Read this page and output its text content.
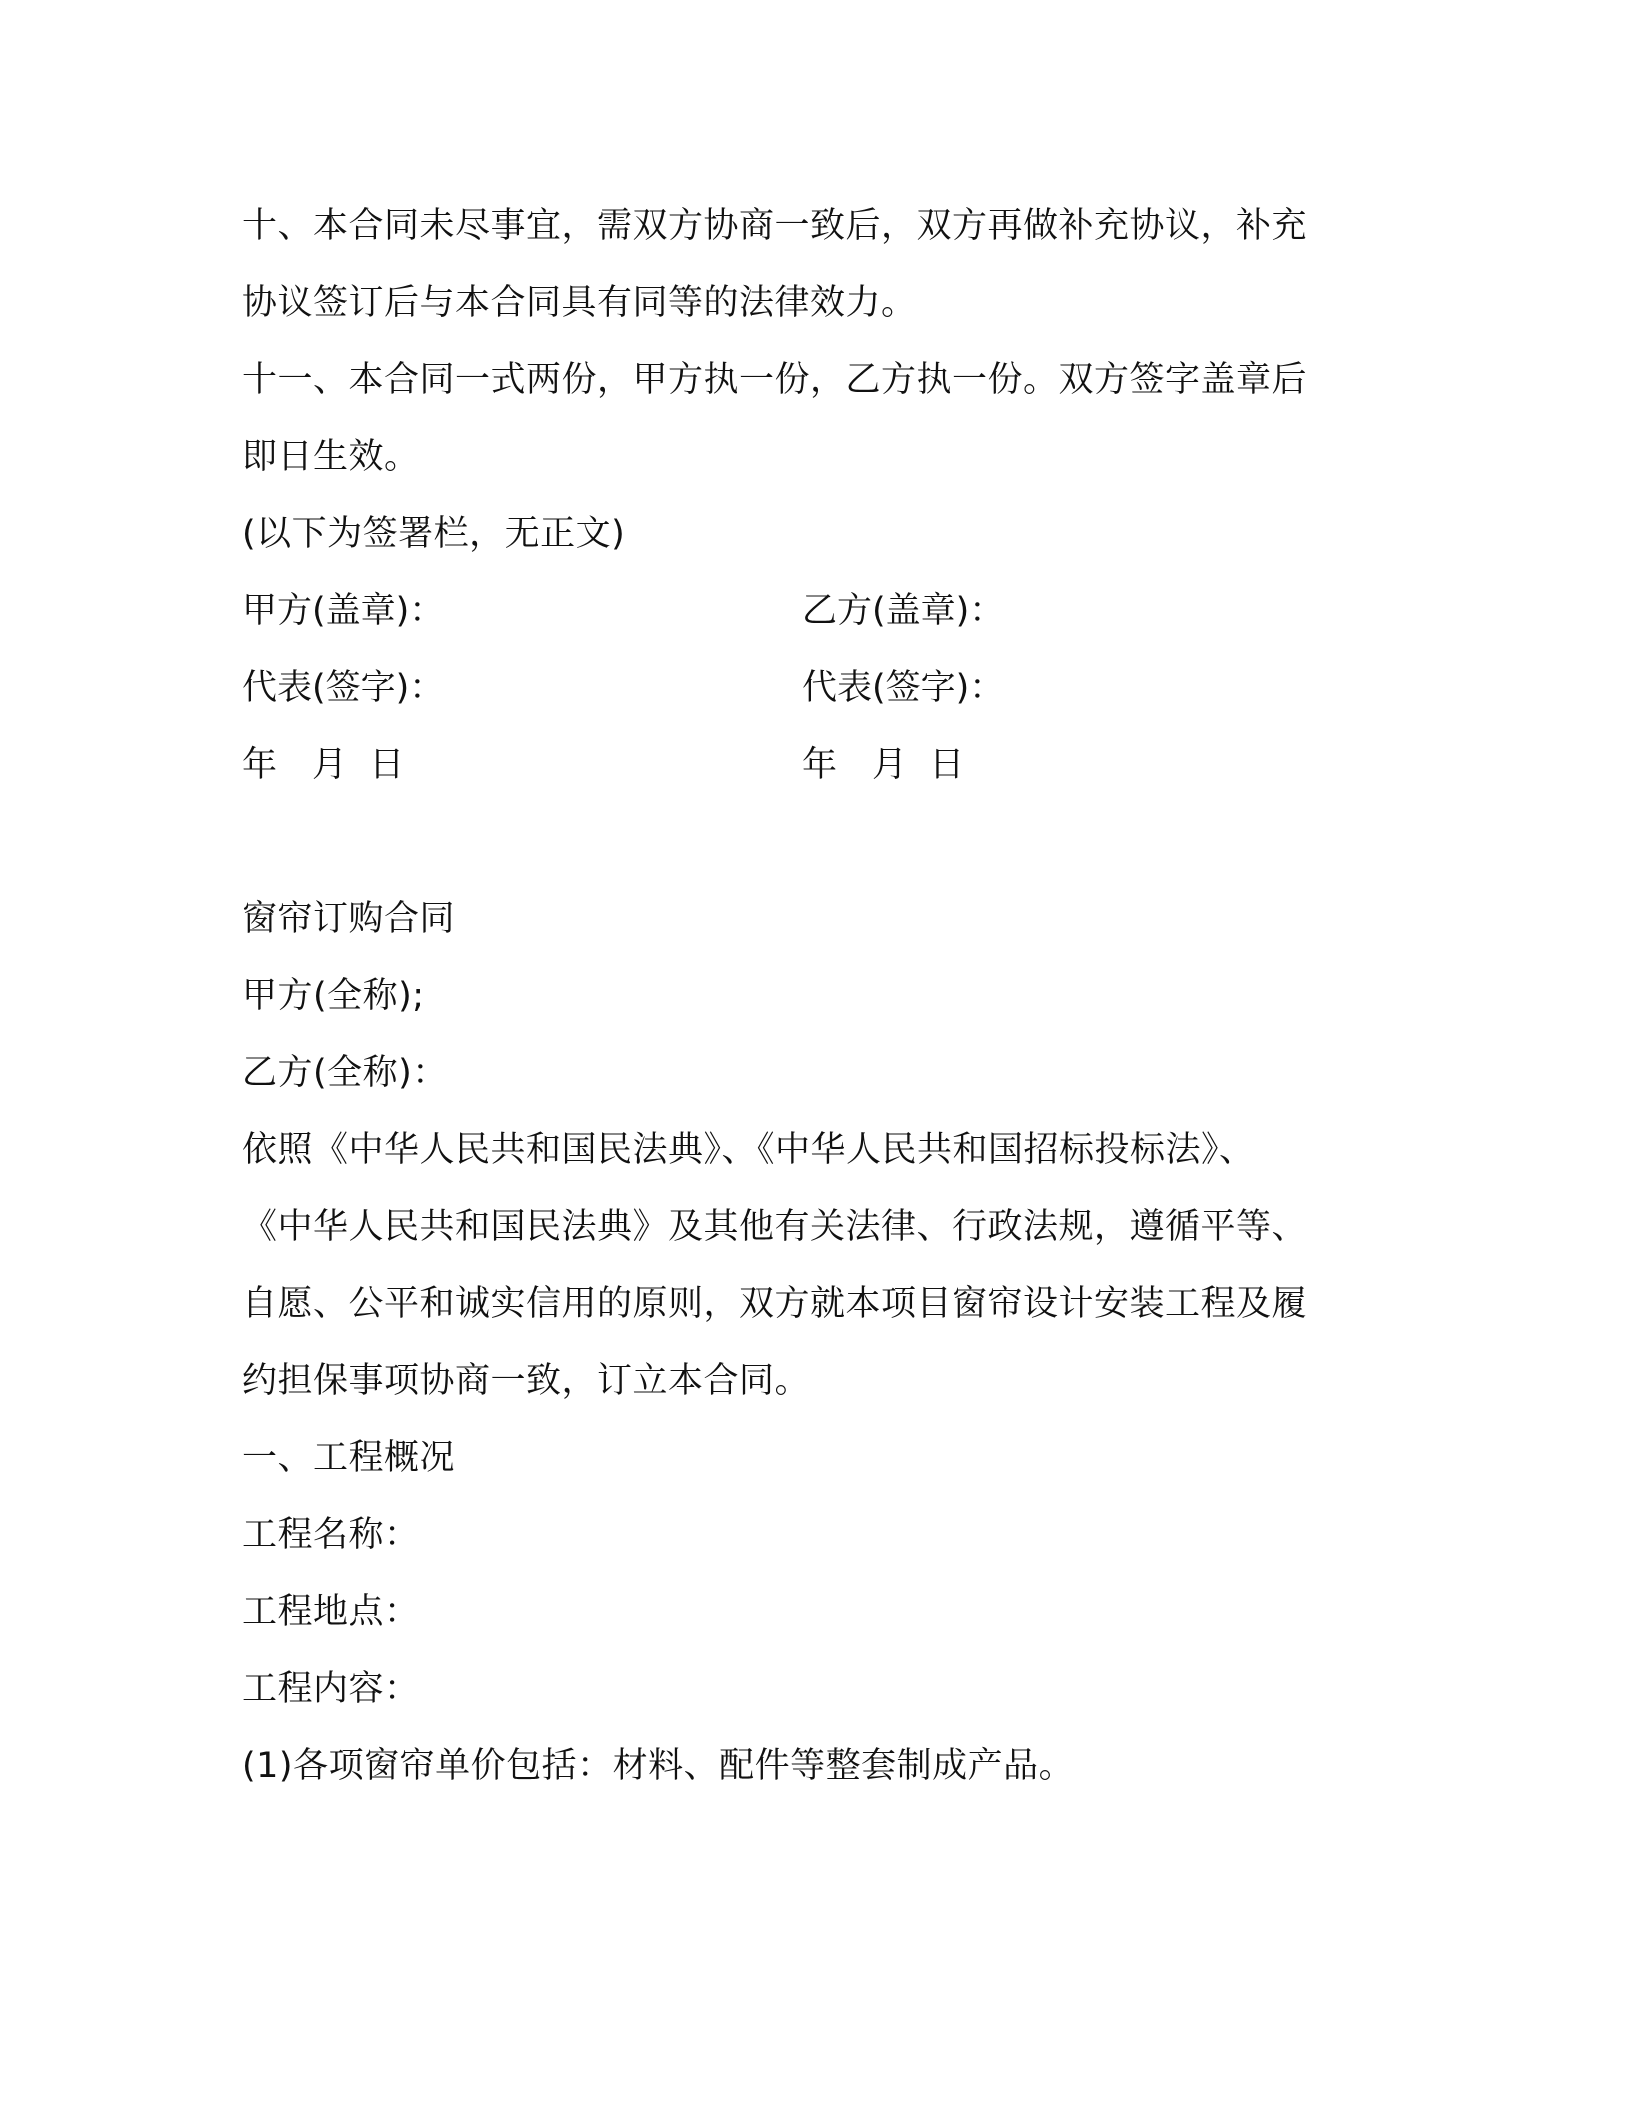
十、本合同未尽事宜，需双方协商一致后，双方再做补充协议，补充
协议签订后与本合同具有同等的法律效力。
十一、本合同一式两份，甲方执一份，乙方执一份。双方签字盖章后
即日生效。
(以下为签署栏，无正文)
甲方(盖章)：	乙方(盖章)：
代表(签字)：	代表(签字)：
年　月  日	年　月  日
窗帘订购合同
甲方(全称);
乙方(全称)：
依照《中华人民共和国民法典》、《中华人民共和国招标投标法》、
《中华人民共和国民法典》及其他有关法律、行政法规，遵循平等、
自愿、公平和诚实信用的原则，双方就本项目窗帘设计安装工程及履
约担保事项协商一致，订立本合同。
一、工程概况
工程名称：
工程地点：
工程内容：
(1)各项窗帘单价包括：材料、配件等整套制成产品。
